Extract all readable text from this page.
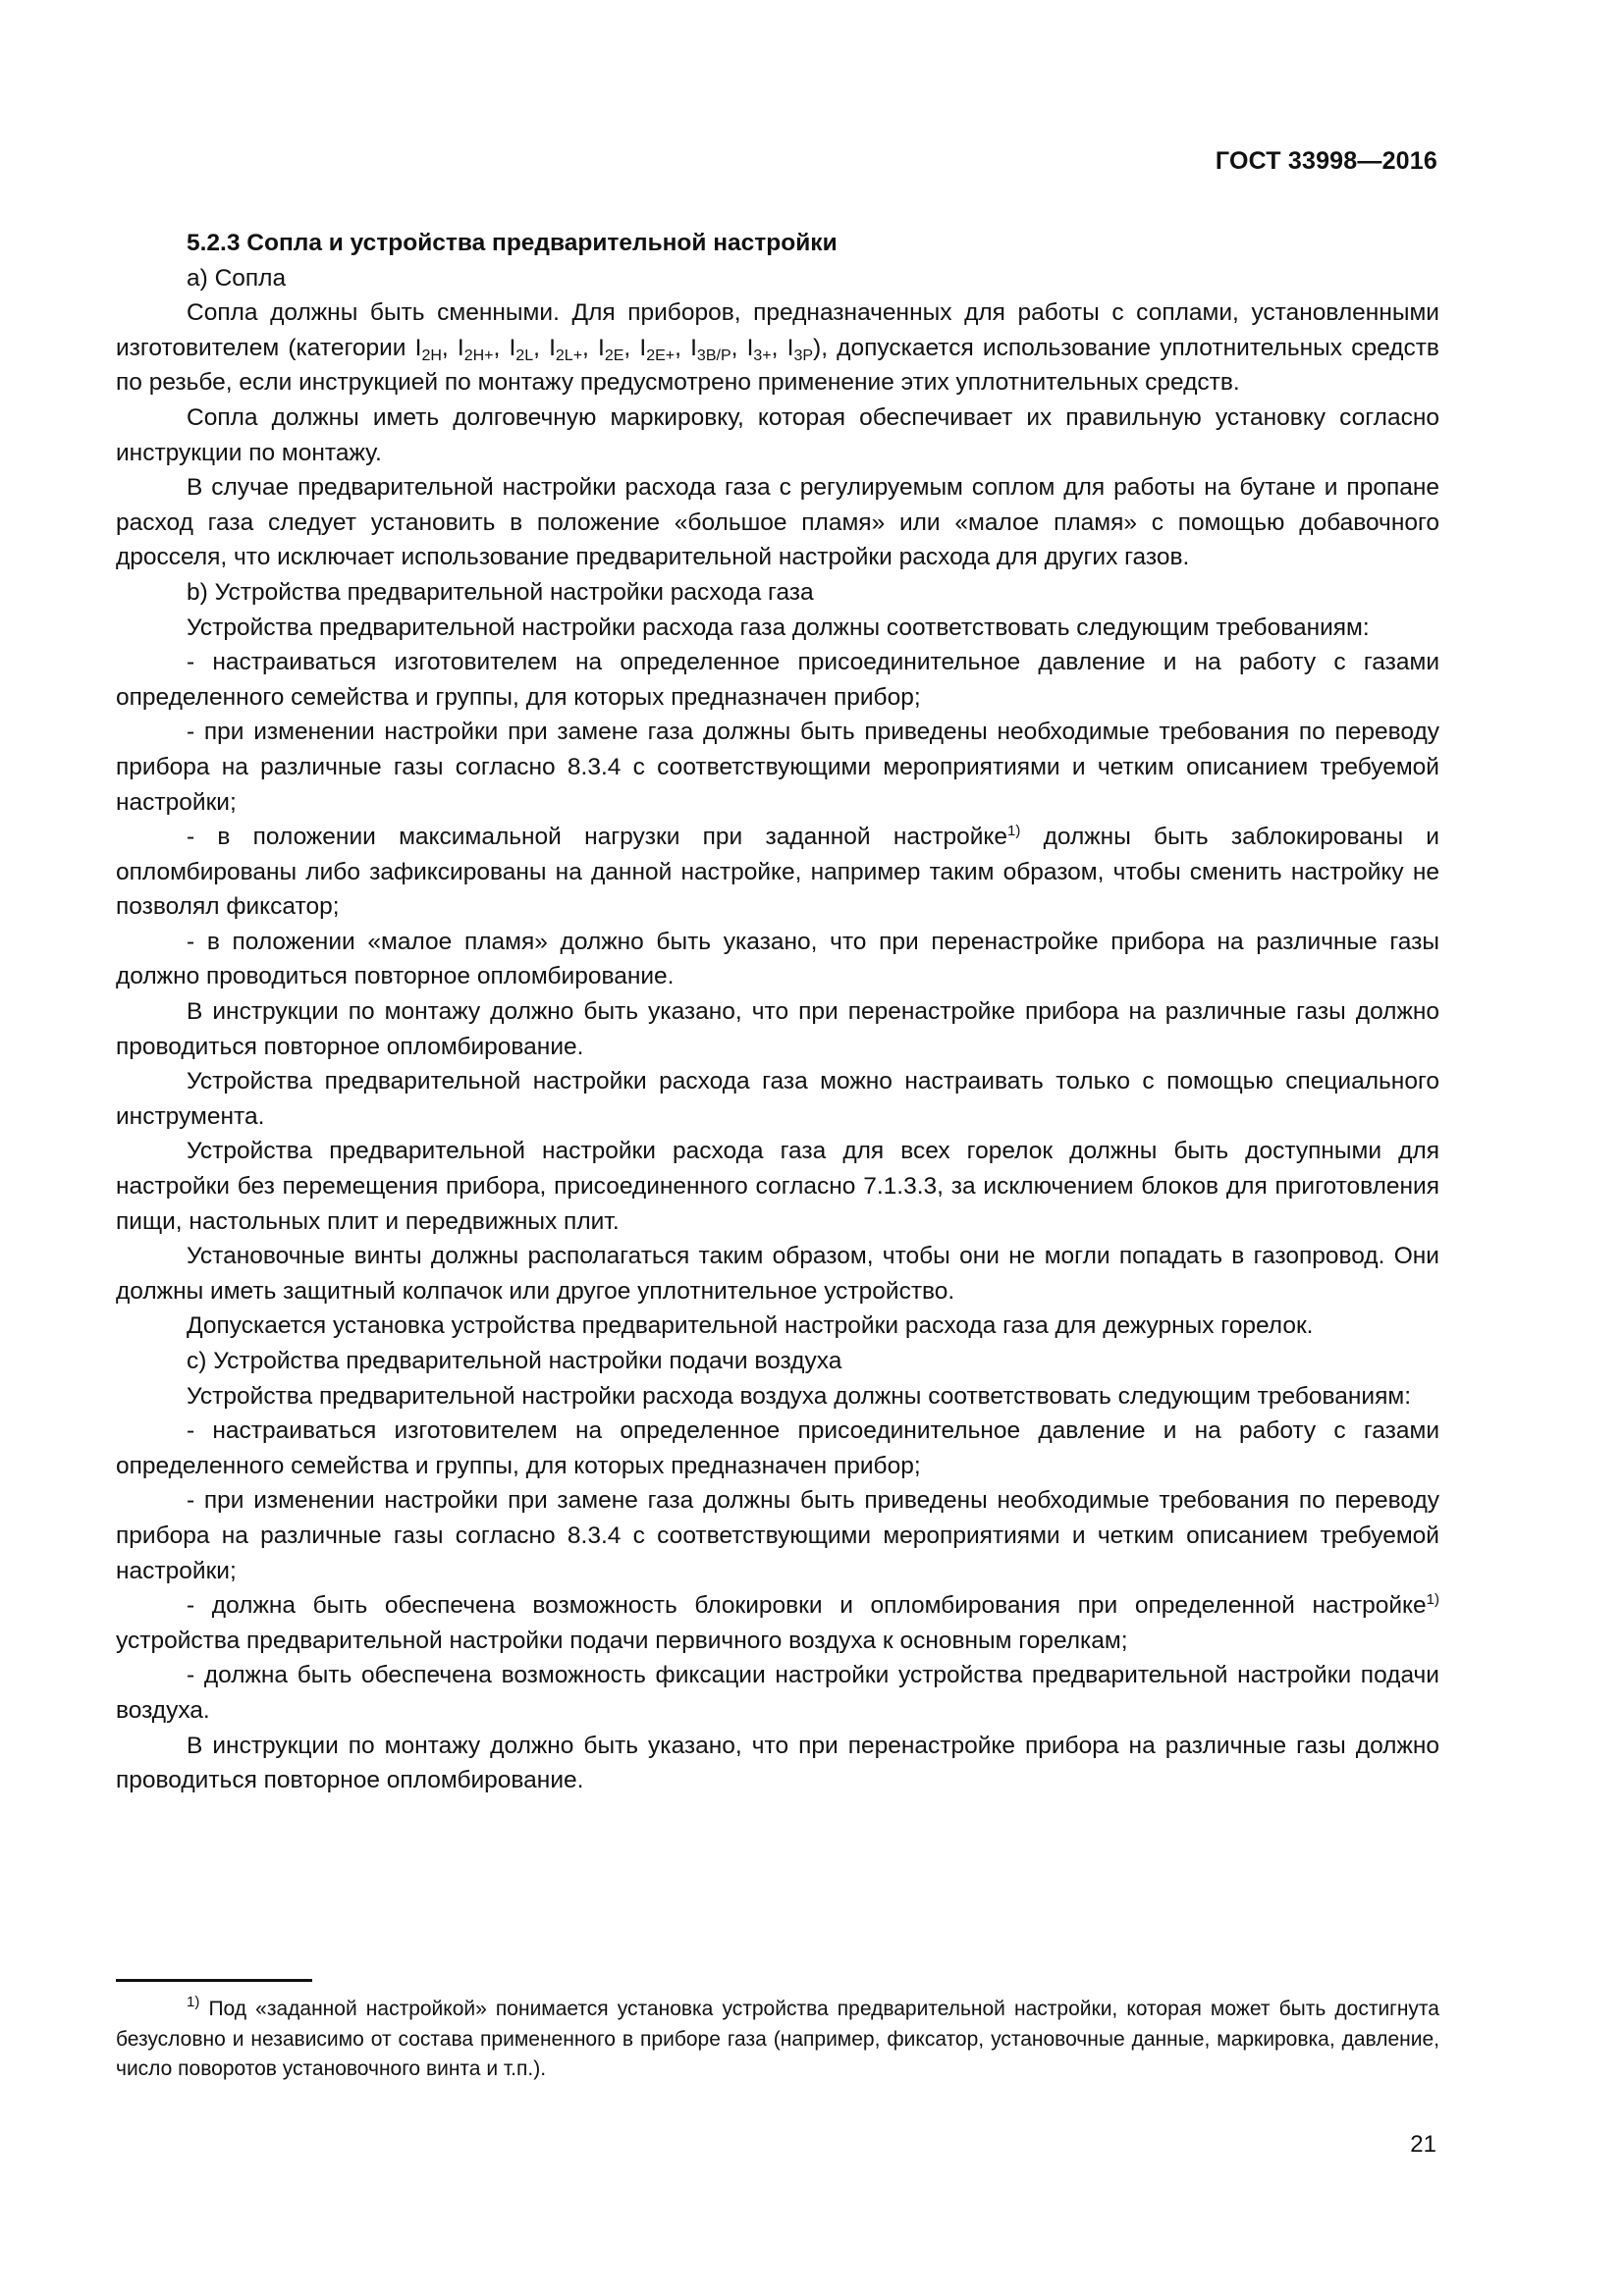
ГОСТ 33998—2016

5.2.3 Сопла и устройства предварительной настройки

а) Сопла

Сопла должны быть сменными. Для приборов, предназначенных для работы с соплами, установленными изготовителем (категории $I_{2H}$, $I_{2H+}$, $I_{2L}$, $I_{2L+}$, $I_{2E}$, $I_{2E+}$, $I_{3B/P}$, $I_{3+}$, $I_{3P}$), допускается использование уплотнительных средств по резьбе, если инструкцией по монтажу предусмотрено применение этих уплотнительных средств.

Сопла должны иметь долговечную маркировку, которая обеспечивает их правильную установку согласно инструкции по монтажу.

В случае предварительной настройки расхода газа с регулируемым соплом для работы на бутане и пропане расход газа следует установить в положение «большое пламя» или «малое пламя» с помощью добавочного дросселя, что исключает использование предварительной настройки расхода для других газов.

b) Устройства предварительной настройки расхода газа

Устройства предварительной настройки расхода газа должны соответствовать следующим требованиям:

- настраиваться изготовителем на определенное присоединительное давление и на работу с газами определенного семейства и группы, для которых предназначен прибор;

- при изменении настройки при замене газа должны быть приведены необходимые требования по переводу прибора на различные газы согласно 8.3.4 с соответствующими мероприятиями и четким описанием требуемой настройки;

- в положении максимальной нагрузки при заданной настройке$^{1)}$ должны быть заблокированы и опломбированы либо зафиксированы на данной настройке, например таким образом, чтобы сменить настройку не позволял фиксатор;

- в положении «малое пламя» должно быть указано, что при перенастройке прибора на различные газы должно проводиться повторное опломбирование.

В инструкции по монтажу должно быть указано, что при перенастройке прибора на различные газы должно проводиться повторное опломбирование.

Устройства предварительной настройки расхода газа можно настраивать только с помощью специального инструмента.

Устройства предварительной настройки расхода газа для всех горелок должны быть доступными для настройки без перемещения прибора, присоединенного согласно 7.1.3.3, за исключением блоков для приготовления пищи, настольных плит и передвижных плит.

Установочные винты должны располагаться таким образом, чтобы они не могли попадать в газопровод. Они должны иметь защитный колпачок или другое уплотнительное устройство.

Допускается установка устройства предварительной настройки расхода газа для дежурных горелок.

с) Устройства предварительной настройки подачи воздуха

Устройства предварительной настройки расхода воздуха должны соответствовать следующим требованиям:

- настраиваться изготовителем на определенное присоединительное давление и на работу с газами определенного семейства и группы, для которых предназначен прибор;

- при изменении настройки при замене газа должны быть приведены необходимые требования по переводу прибора на различные газы согласно 8.3.4 с соответствующими мероприятиями и четким описанием требуемой настройки;

- должна быть обеспечена возможность блокировки и опломбирования при определенной настройке$^{1)}$ устройства предварительной настройки подачи первичного воздуха к основным горелкам;

- должна быть обеспечена возможность фиксации настройки устройства предварительной настройки подачи воздуха.

В инструкции по монтажу должно быть указано, что при перенастройке прибора на различные газы должно проводиться повторное опломбирование.

$^{1)}$ Под «заданной настройкой» понимается установка устройства предварительной настройки, которая может быть достигнута безусловно и независимо от состава примененного в приборе газа (например, фиксатор, установочные данные, маркировка, давление, число поворотов установочного винта и т.п.).

21
